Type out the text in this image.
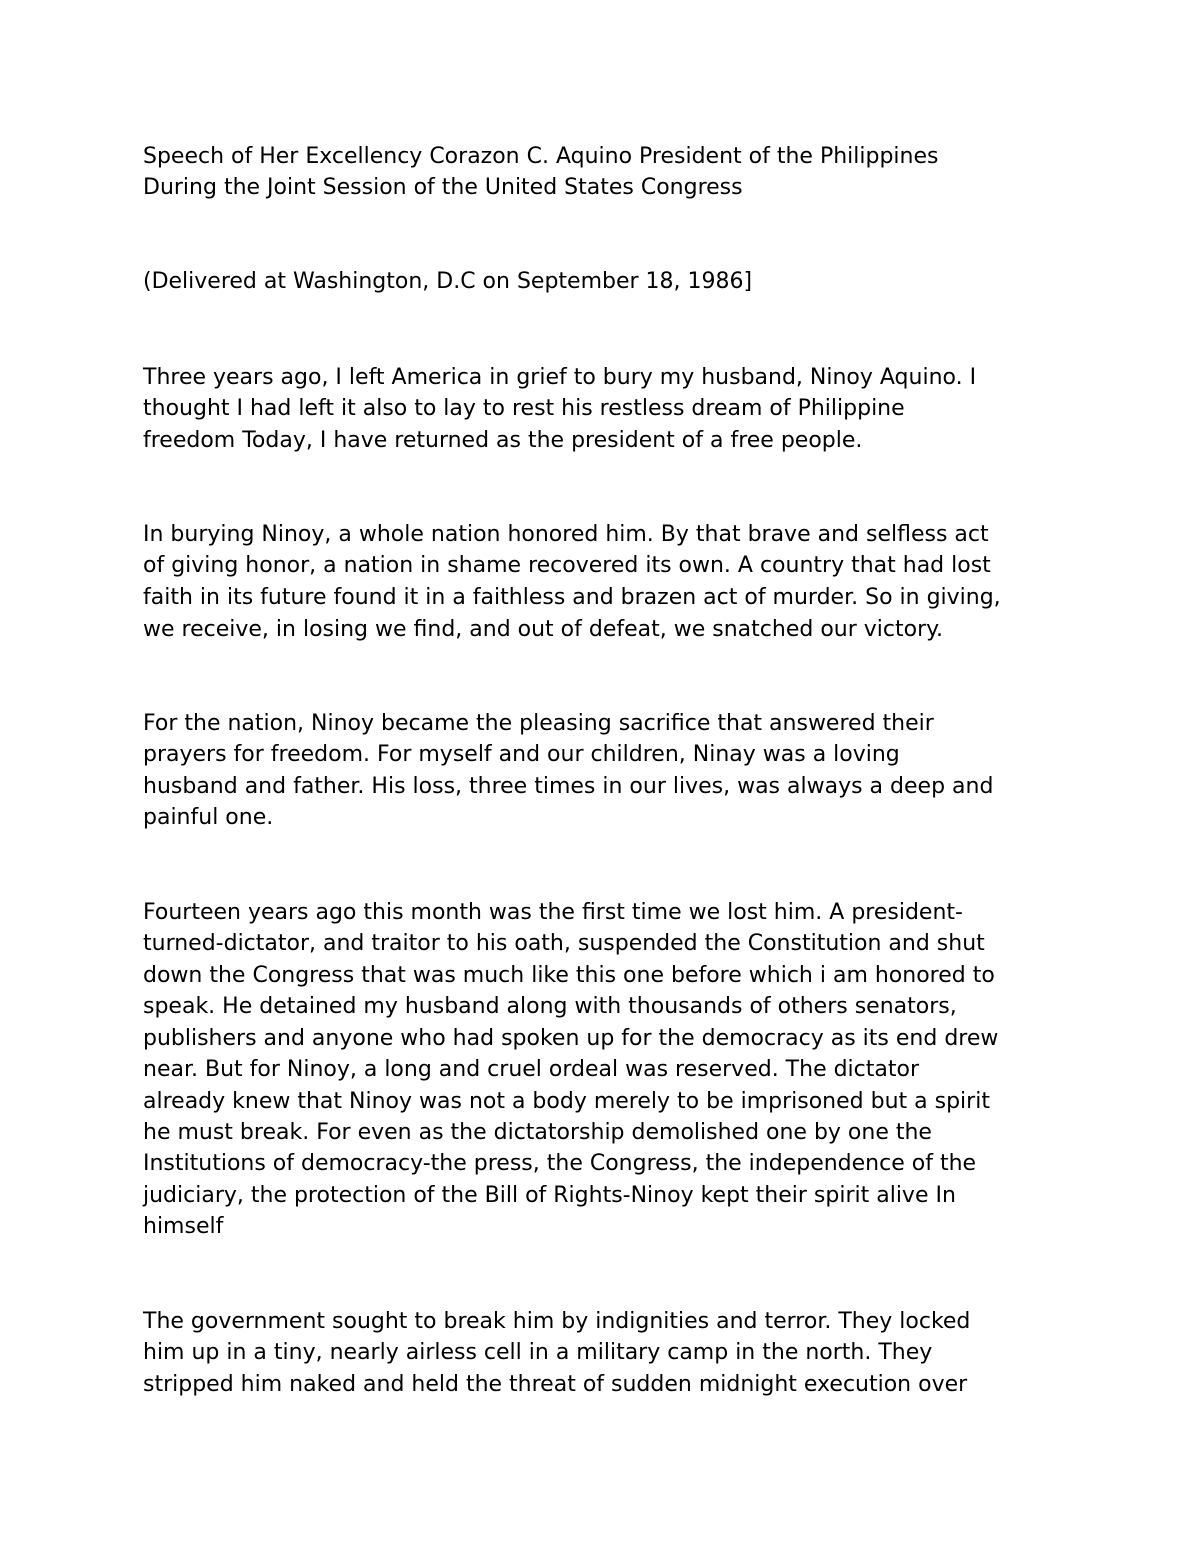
Speech of Her Excellency Corazon C. Aquino President of the Philippines
During the Joint Session of the United States Congress
(Delivered at Washington, D.C on September 18, 1986]
Three years ago, I left America in grief to bury my husband, Ninoy Aquino. I
thought I had left it also to lay to rest his restless dream of Philippine
freedom Today, I have returned as the president of a free people.
In burying Ninoy, a whole nation honored him. By that brave and selfless act
of giving honor, a nation in shame recovered its own. A country that had lost
faith in its future found it in a faithless and brazen act of murder. So in giving,
we receive, in losing we find, and out of defeat, we snatched our victory.
For the nation, Ninoy became the pleasing sacrifice that answered their
prayers for freedom. For myself and our children, Ninay was a loving
husband and father. His loss, three times in our lives, was always a deep and
painful one.
Fourteen years ago this month was the first time we lost him. A president-
turned-dictator, and traitor to his oath, suspended the Constitution and shut
down the Congress that was much like this one before which i am honored to
speak. He detained my husband along with thousands of others senators,
publishers and anyone who had spoken up for the democracy as its end drew
near. But for Ninoy, a long and cruel ordeal was reserved. The dictator
already knew that Ninoy was not a body merely to be imprisoned but a spirit
he must break. For even as the dictatorship demolished one by one the
Institutions of democracy-the press, the Congress, the independence of the
judiciary, the protection of the Bill of Rights-Ninoy kept their spirit alive In
himself
The government sought to break him by indignities and terror. They locked
him up in a tiny, nearly airless cell in a military camp in the north. They
stripped him naked and held the threat of sudden midnight execution over
